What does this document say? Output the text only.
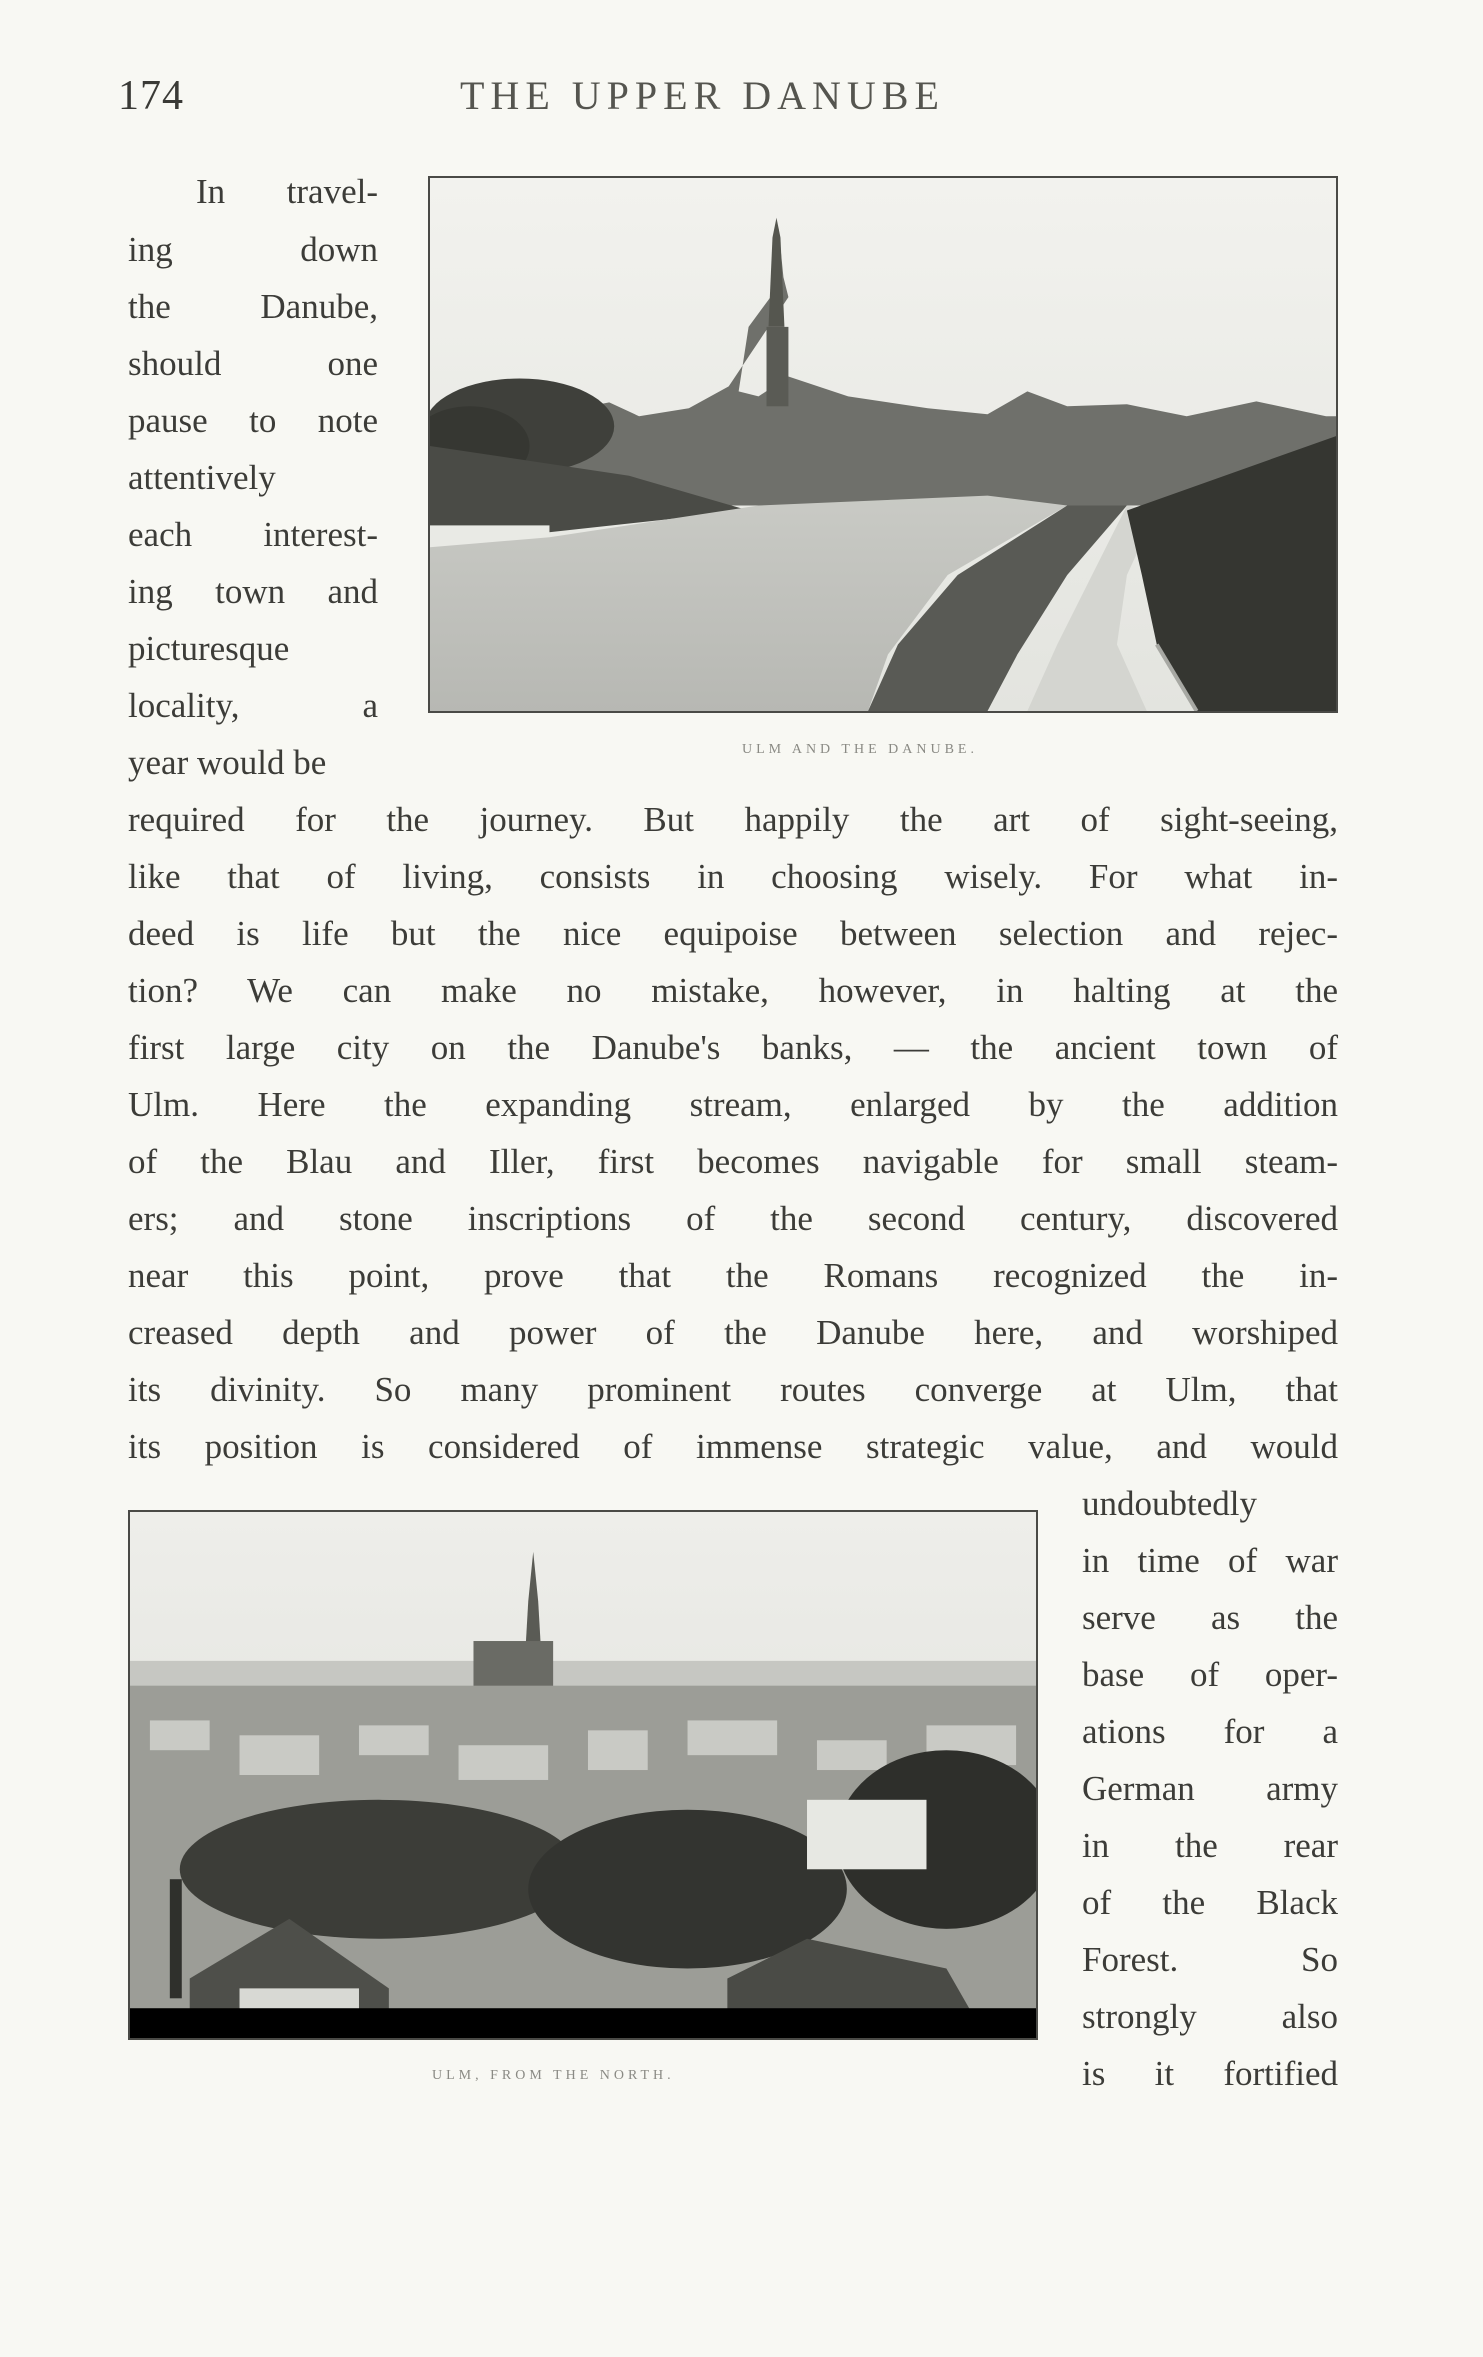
174	THE UPPER DANUBE
In travel-
ing down
the Danube,
should one
pause to note
attentively
each interest-
ing town and
picturesque
locality, a
year would be	ULM AND THE DANUBE.
required for the journey. But happily the art of sight-seeing,
like that of living, consists in choosing wisely. For what in-
deed is life but the nice equipoise between selection and rejec-
tion? We can make no mistake, however, in halting at the
first large city on the Danube's banks, — the ancient town of
Ulm. Here the expanding stream, enlarged by the addition
of the Blau and Iller, first becomes navigable for small steam-
ers; and stone inscriptions of the second century, discovered
near this point, prove that the Romans recognized the in-
creased depth and power of the Danube here, and worshiped
its divinity. So many prominent routes converge at Ulm, that
its position is considered of immense strategic value, and would
ULM, FROM THE NORTH.
undoubtedly
in time of war
serve as the
base of oper-
ations for a
German army
in the rear
of the Black
Forest. So
strongly also
is it fortified
